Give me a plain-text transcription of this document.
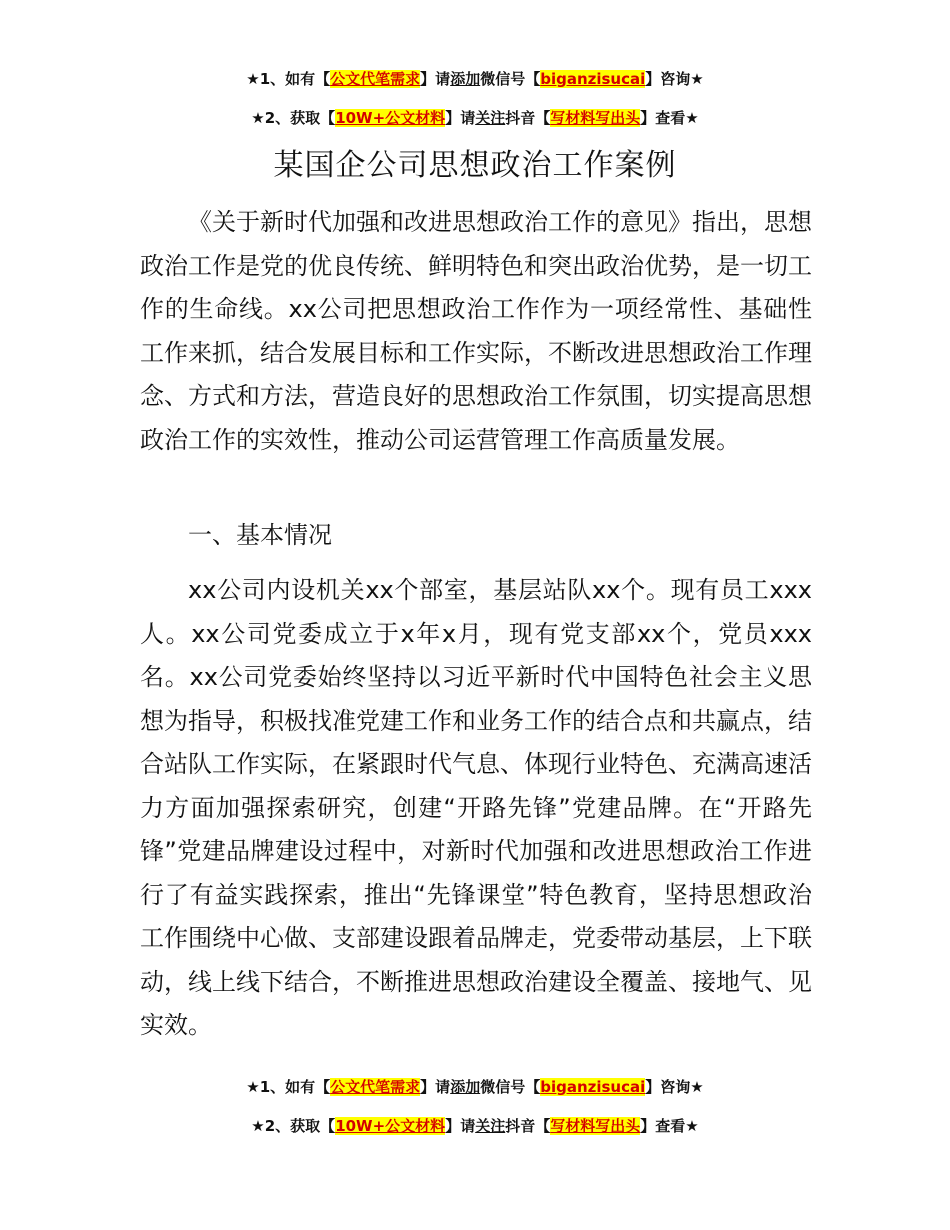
★1、如有【公文代笔需求】请添加微信号【biganzisucai】咨询★
★2、获取【10W+公文材料】请关注抖音【写材料写出头】查看★
某国企公司思想政治工作案例

《关于新时代加强和改进思想政治工作的意见》指出，思想政治工作是党的优良传统、鲜明特色和突出政治优势，是一切工作的生命线。xx公司把思想政治工作作为一项经常性、基础性工作来抓，结合发展目标和工作实际，不断改进思想政治工作理念、方式和方法，营造良好的思想政治工作氛围，切实提高思想政治工作的实效性，推动公司运营管理工作高质量发展。

一、基本情况

xx公司内设机关xx个部室，基层站队xx个。现有员工xxx人。xx公司党委成立于x年x月，现有党支部xx个，党员xxx名。xx公司党委始终坚持以习近平新时代中国特色社会主义思想为指导，积极找准党建工作和业务工作的结合点和共赢点，结合站队工作实际，在紧跟时代气息、体现行业特色、充满高速活力方面加强探索研究，创建“开路先锋”党建品牌。在“开路先锋”党建品牌建设过程中，对新时代加强和改进思想政治工作进行了有益实践探索，推出“先锋课堂”特色教育，坚持思想政治工作围绕中心做、支部建设跟着品牌走，党委带动基层，上下联动，线上线下结合，不断推进思想政治建设全覆盖、接地气、见实效。

★1、如有【公文代笔需求】请添加微信号【biganzisucai】咨询★
★2、获取【10W+公文材料】请关注抖音【写材料写出头】查看★
